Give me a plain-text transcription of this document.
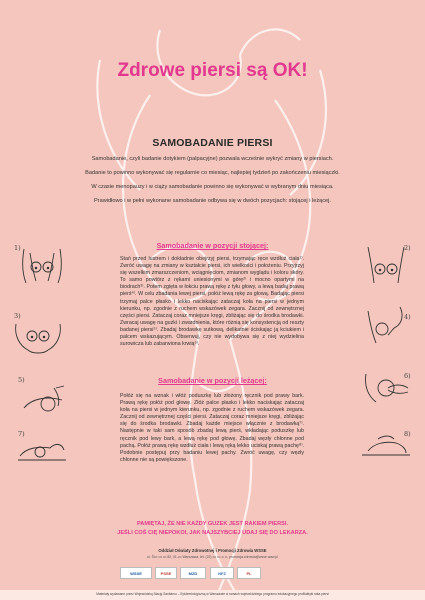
Zdrowe piersi są OK!
SAMOBADANIE PIERSI
Samobadanie, czyli badanie dotykiem (palpacyjne) pozwala wcześnie wykryć zmiany w piersiach.
Badanie to powinno wykonywać się regularnie co miesiąc, najlepiej tydzień po zakończeniu miesiączki.
W czasie menopauzy i w ciąży samobadanie powinno się wykonywać w wybranym dniu miesiąca.
Prawidłowo i w pełni wykonane samobadanie odbywa się w dwóch pozycjach: stojącej i leżącej.
Samobadanie w pozycji stojącej:
Stań przed lustrem i dokładnie obejrzyj piersi, trzymając ręce wzdłuż ciała¹⁾. Zwróć uwagę na zmiany w kształcie piersi, ich wielkości i położeniu. Przyjrzyj się wszelkim zmarszczeniom, wciągnięciom, zmianom wyglądu i koloru skóry. To samo powtórz z rękami uniesionymi w górę²⁾ i mocno opartymi na biodrach³⁾. Potem zgięta w łokciu prawą rękę z tyłu głowy, a lewą badaj prawą pierś⁴⁾. W celu zbadania lewej piersi, połóż lewą rękę za głową. Badając piersi trzymaj palce płasko i lekko naciskając zataczaj koła na piersi w jednym kierunku, np. zgodnie z ruchem wskazówek zegara. Zacznij od zewnętrznej części piersi. Zataczaj coraz mniejsze kręgi, zbliżając się do środka brodawki. Zwracaj uwagę na guzki i zwardnienia, które różnią się konsystencją od reszty badanej piersi⁵⁾. Zbadaj brodawkę sutkową, delikatnie ściskając ją kciukiem i palcem wskazującym. Obserwuj, czy nie wydobywa się z niej wydzielina surowicza lub zabarwiona krwią⁶⁾.
Samobadanie w pozycji leżącej:
Połóż się na wznak i włóż poduszkę lub złożony ręcznik pod prawy bark. Prawą rękę połóż pod głowę. Złóż palce płasko i lekko naciskając zataczaj koła na piersi w jednym kierunku, np. zgodnie z ruchem wskazówek zegara. Zacznij od zewnętrznej części piersi. Zataczaj coraz mniejsze kręgi, zbliżając się do środka brodawki. Zbadaj każde miejsce włącznie z brodawką⁷⁾. Następnie w taki sam sposób zbadaj lewą pierś, wkładając poduszkę lub ręcznik pod lewy bark, a lewą rękę pod głowę. Zbadaj węzły chłonne pod pachą. Połóż prawą rękę wzdłuż ciała i lewą ręką lekko uciskaj prawą pachę⁸⁾. Podobnie postępuj przy badaniu lewej pachy. Zwróć uwagę, czy węzły chłonne nie są powiększone.
PAMIĘTAJ, ŻE NIE KAŻDY GUZEK JEST RAKIEM PIERSI.
JEŚLI COŚ CIĘ NIEPOKOI, JAK NAJSZYBCIEJ UDAJ SIĘ DO LEKARZA.
Oddział Oświaty Zdrowotnej i Promocji Zdrowia WSSE
ul. Ś••• ••• ••• 82, 01-••• Warszawa, tel. (22) ••• ••• •• ••, promocja.zdrowia@wsse.waw.pl
1)
3)
5)
7)
2)
4)
6)
8)
WSSE	PSSE	MZD	NFZ	PL
Materiały wydawane przez Wojewódzką Stację Sanitarno – Epidemiologiczną w Warszawie w ramach wojewódzkiego programu edukacyjnego profilaktyki raka piersi
